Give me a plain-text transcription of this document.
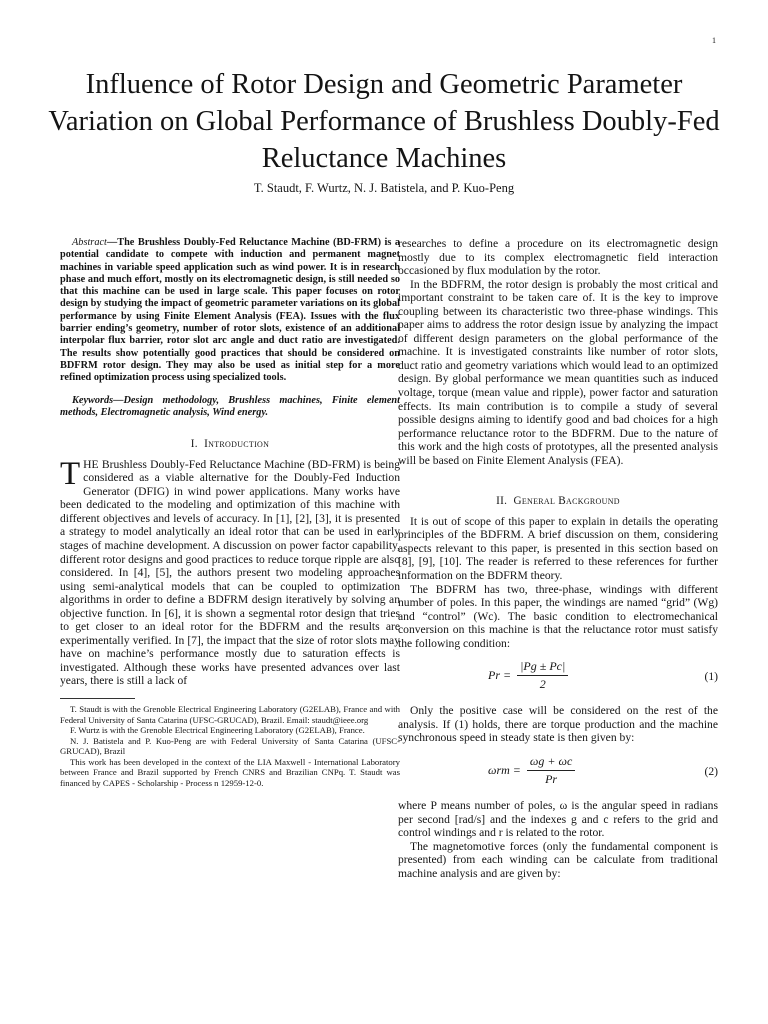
1
Influence of Rotor Design and Geometric Parameter Variation on Global Performance of Brushless Doubly-Fed Reluctance Machines
T. Staudt, F. Wurtz, N. J. Batistela, and P. Kuo-Peng

Abstract—The Brushless Doubly-Fed Reluctance Machine (BD-FRM) is a potential candidate to compete with induction and permanent magnet machines in variable speed application such as wind power. It is in research phase and much effort, mostly on its electromagnetic design, is still needed so that this machine can be used in large scale. This paper focuses on rotor design by studying the impact of geometric parameter variations on its global performance by using Finite Element Analysis (FEA). Issues with the flux barrier ending’s geometry, number of rotor slots, existence of an additional interpolar flux barrier, rotor slot arc angle and duct ratio are investigated. The results show potentially good practices that should be considered on BDFRM rotor design. They may also be used as initial step for a more refined optimization process using specialized tools.

Keywords—Design methodology, Brushless machines, Finite element methods, Electromagnetic analysis, Wind energy.

I. Introduction

THE Brushless Doubly-Fed Reluctance Machine (BD-FRM) is being considered as a viable alternative for the Doubly-Fed Induction Generator (DFIG) in wind power applications. Many works have been dedicated to the modeling and optimization of this machine with different objectives and levels of accuracy. In [1], [2], [3], it is presented a strategy to model analytically an ideal rotor that can be used in early stages of machine development. A discussion on power factor capability, different rotor designs and good practices to reduce torque ripple are also considered. In [4], [5], the authors present two modeling approaches using semi-analytical models that can be coupled to optimization algorithms in order to define a BDFRM design iteratively by solving an objective function. In [6], it is shown a segmental rotor design that tries to get closer to an ideal rotor for the BDFRM and the results are experimentally verified. In [7], the impact that the size of rotor slots may have on machine’s performance mostly due to saturation effects is investigated. Although these works have presented advances over last years, there is still a lack of

T. Staudt is with the Grenoble Electrical Engineering Laboratory (G2ELAB), France and with Federal University of Santa Catarina (UFSC-GRUCAD), Brazil. Email: staudt@ieee.org

F. Wurtz is with the Grenoble Electrical Engineering Laboratory (G2ELAB), France.

N. J. Batistela and P. Kuo-Peng are with Federal University of Santa Catarina (UFSC-GRUCAD), Brazil

This work has been developed in the context of the LIA Maxwell - International Laboratory between France and Brazil supported by French CNRS and Brazilian CNPq. T. Staudt was financed by CAPES - Scholarship - Process n 12959-12-0.

researches to define a procedure on its electromagnetic design mostly due to its complex electromagnetic field interaction occasioned by flux modulation by the rotor.

In the BDFRM, the rotor design is probably the most critical and important constraint to be taken care of. It is the key to improve coupling between its characteristic two three-phase windings. This paper aims to address the rotor design issue by analyzing the impact of different design parameters on the global performance of the machine. It is investigated constraints like number of rotor slots, duct ratio and geometry variations which would lead to an optimized design. By global performance we mean quantities such as induced voltage, torque (mean value and ripple), power factor and saturation effects. Its main contribution is to compile a study of several possible designs aiming to identify good and bad choices for a high performance reluctance rotor to the BDFRM. Due to the nature of this work and the high costs of prototypes, all the presented analysis will be based on Finite Element Analysis (FEA).

II. General Background

It is out of scope of this paper to explain in details the operating principles of the BDFRM. A brief discussion on them, considering aspects relevant to this paper, is presented in this section based on [8], [9], [10]. The reader is referred to these references for further information on the BDFRM theory.

The BDFRM has two, three-phase, windings with different number of poles. In this paper, the windings are named “grid” (Wg) and “control” (Wc). The basic condition to electromechanical conversion on this machine is that the reluctance rotor must satisfy the following condition:

$Pr = \frac{|Pg \pm Pc|}{2}$	(1)

Only the positive case will be considered on the rest of the analysis. If (1) holds, there are torque production and the machine synchronous speed in steady state is then given by:

$\omega rm = \frac{\omega g + \omega c}{Pr}$	(2)

where P means number of poles, ω is the angular speed in radians per second [rad/s] and the indexes g and c refers to the grid and control windings and r is related to the rotor.

The magnetomotive forces (only the fundamental component is presented) from each winding can be calculate from traditional machine analysis and are given by:
